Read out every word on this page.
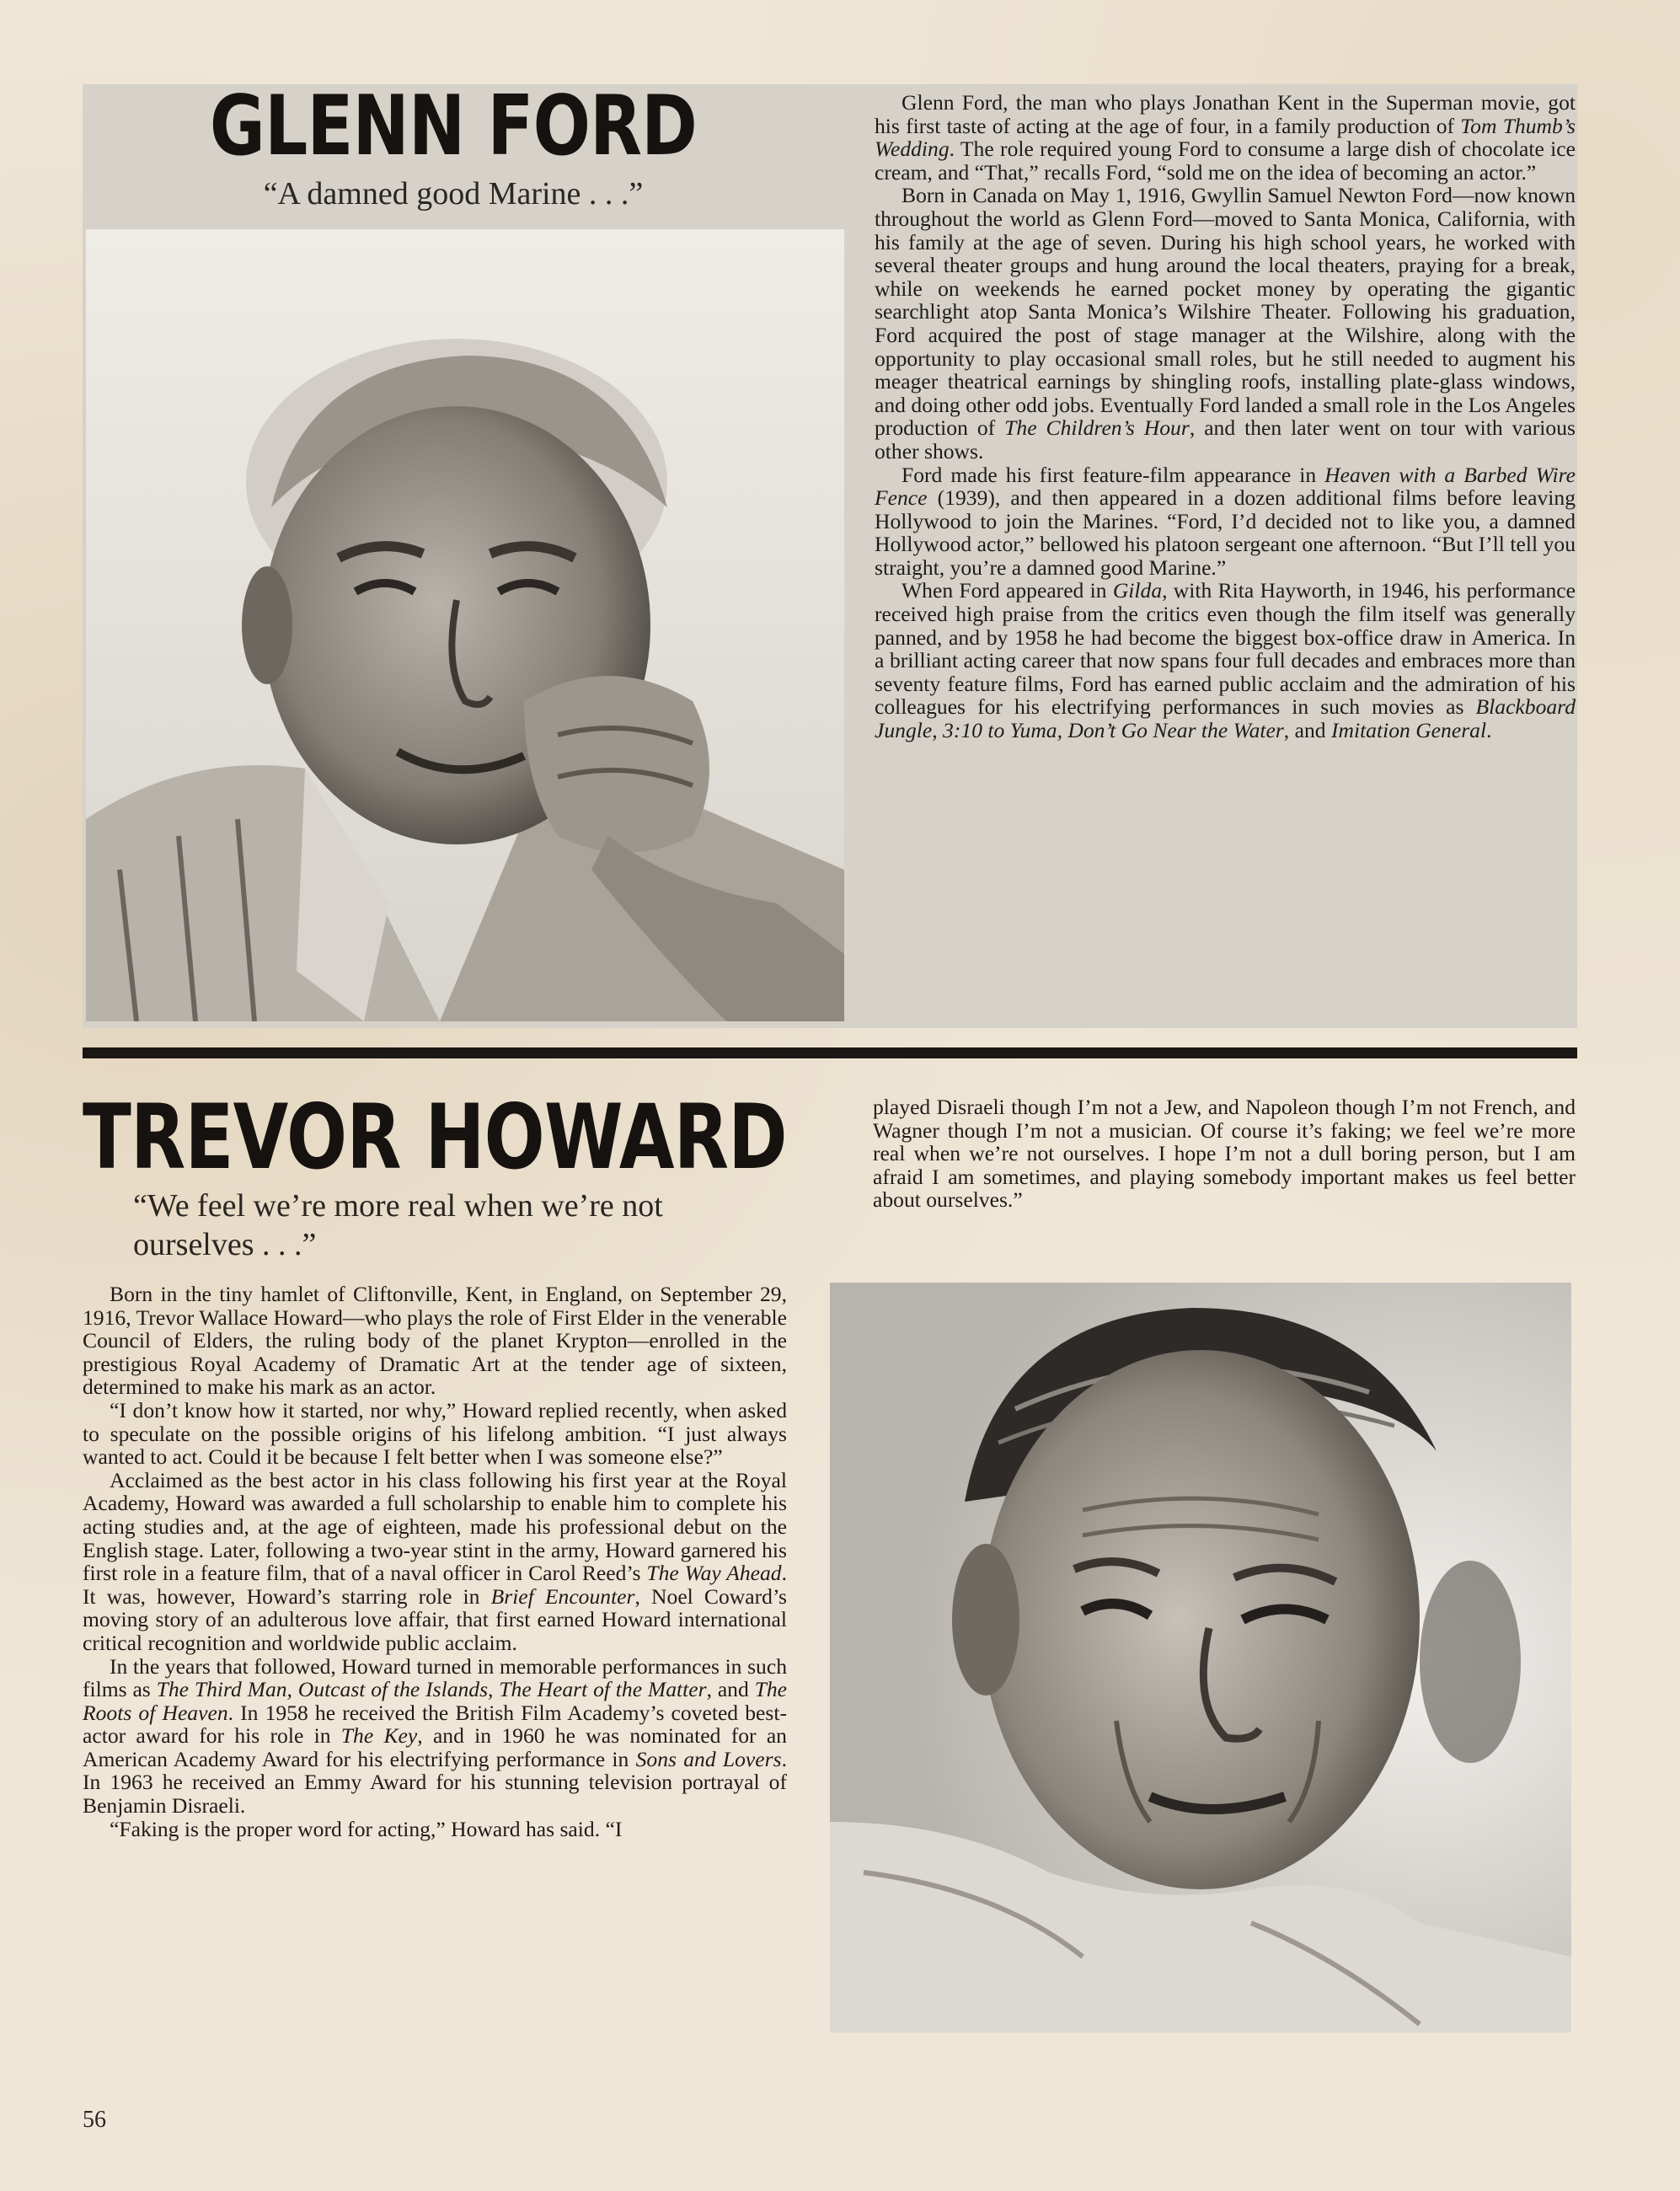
GLENN FORD
“A damned good Marine . . .”

Glenn Ford, the man who plays Jonathan Kent in the Superman movie, got his first taste of acting at the age of four, in a family production of Tom Thumb’s Wedding. The role required young Ford to consume a large dish of chocolate ice cream, and “That,” recalls Ford, “sold me on the idea of becoming an actor.”

Born in Canada on May 1, 1916, Gwyllin Samuel Newton Ford—now known throughout the world as Glenn Ford—moved to Santa Monica, California, with his family at the age of seven. During his high school years, he worked with several theater groups and hung around the local theaters, praying for a break, while on weekends he earned pocket money by operating the gigantic searchlight atop Santa Monica’s Wilshire Theater. Following his graduation, Ford acquired the post of stage manager at the Wilshire, along with the opportunity to play occasional small roles, but he still needed to augment his meager theatrical earnings by shingling roofs, installing plate-glass windows, and doing other odd jobs. Eventually Ford landed a small role in the Los Angeles production of The Children’s Hour, and then later went on tour with various other shows.

Ford made his first feature-film appearance in Heaven with a Barbed Wire Fence (1939), and then appeared in a dozen additional films before leaving Hollywood to join the Marines. “Ford, I’d decided not to like you, a damned Hollywood actor,” bellowed his platoon sergeant one afternoon. “But I’ll tell you straight, you’re a damned good Marine.”

When Ford appeared in Gilda, with Rita Hayworth, in 1946, his performance received high praise from the critics even though the film itself was generally panned, and by 1958 he had become the biggest box-office draw in America. In a brilliant acting career that now spans four full decades and embraces more than seventy feature films, Ford has earned public acclaim and the admiration of his colleagues for his electrifying performances in such movies as Blackboard Jungle, 3:10 to Yuma, Don’t Go Near the Water, and Imitation General.

TREVOR HOWARD
“We feel we’re more real when we’re not ourselves . . .”

Born in the tiny hamlet of Cliftonville, Kent, in England, on September 29, 1916, Trevor Wallace Howard—who plays the role of First Elder in the venerable Council of Elders, the ruling body of the planet Krypton—enrolled in the prestigious Royal Academy of Dramatic Art at the tender age of sixteen, determined to make his mark as an actor.

“I don’t know how it started, nor why,” Howard replied recently, when asked to speculate on the possible origins of his lifelong ambition. “I just always wanted to act. Could it be because I felt better when I was someone else?”

Acclaimed as the best actor in his class following his first year at the Royal Academy, Howard was awarded a full scholarship to enable him to complete his acting studies and, at the age of eighteen, made his professional debut on the English stage. Later, following a two-year stint in the army, Howard garnered his first role in a feature film, that of a naval officer in Carol Reed’s The Way Ahead. It was, however, Howard’s starring role in Brief Encounter, Noel Coward’s moving story of an adulterous love affair, that first earned Howard international critical recognition and worldwide public acclaim.

In the years that followed, Howard turned in memorable performances in such films as The Third Man, Outcast of the Islands, The Heart of the Matter, and The Roots of Heaven. In 1958 he received the British Film Academy’s coveted best-actor award for his role in The Key, and in 1960 he was nominated for an American Academy Award for his electrifying performance in Sons and Lovers. In 1963 he received an Emmy Award for his stunning television portrayal of Benjamin Disraeli.

“Faking is the proper word for acting,” Howard has said. “I

played Disraeli though I’m not a Jew, and Napoleon though I’m not French, and Wagner though I’m not a musician. Of course it’s faking; we feel we’re more real when we’re not ourselves. I hope I’m not a dull boring person, but I am afraid I am sometimes, and playing somebody important makes us feel better about ourselves.”

56
